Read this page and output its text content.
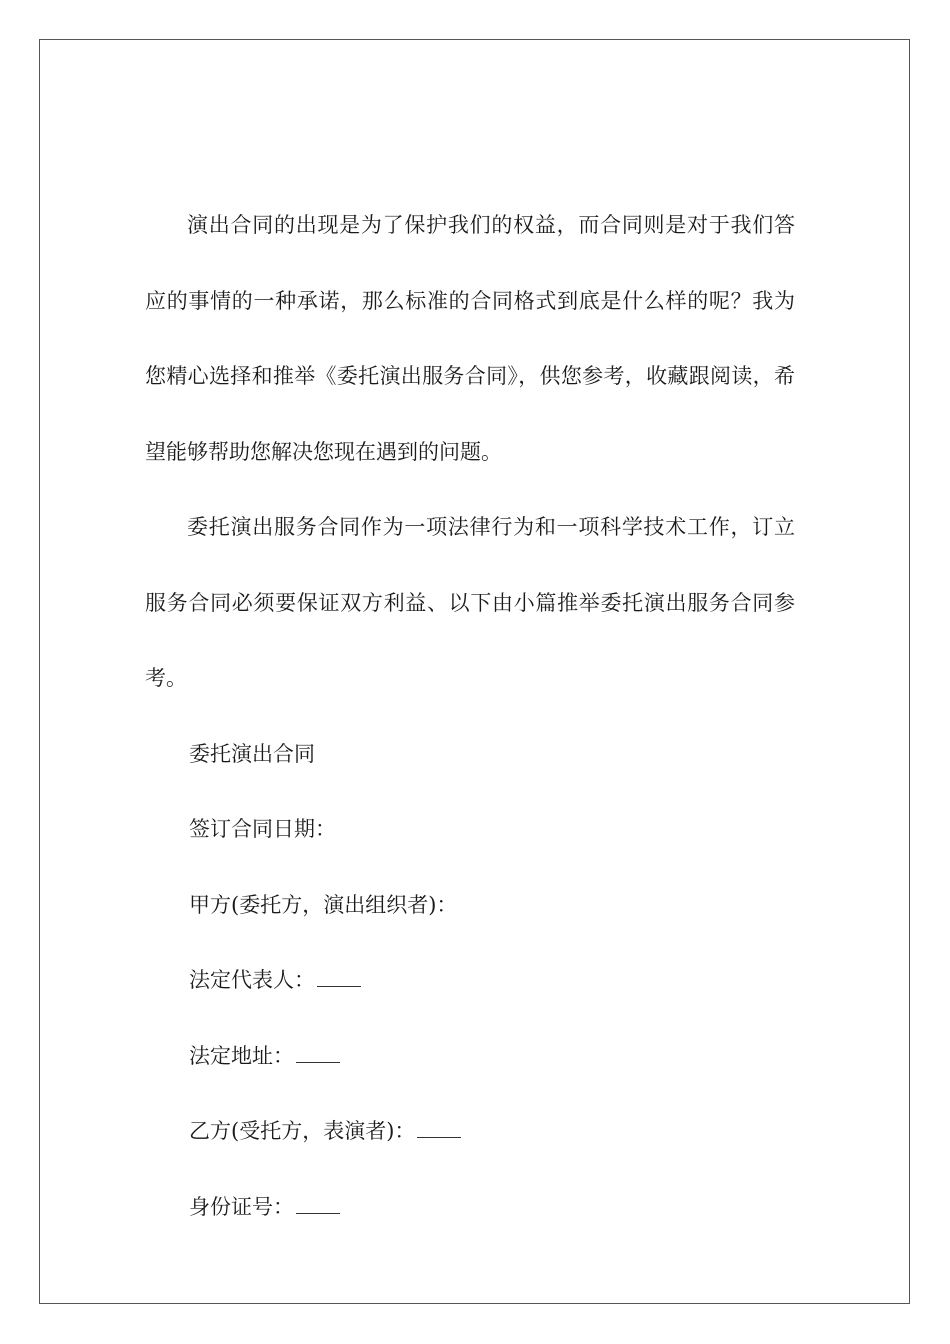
演出合同的出现是为了保护我们的权益，而合同则是对于我们答应的事情的一种承诺，那么标准的合同格式到底是什么样的呢？我为您精心选择和推举《委托演出服务合同》，供您参考，收藏跟阅读，希望能够帮助您解决您现在遇到的问题。

委托演出服务合同作为一项法律行为和一项科学技术工作，订立服务合同必须要保证双方利益、以下由小篇推举委托演出服务合同参考。

委托演出合同

签订合同日期：

甲方(委托方，演出组织者)：

法定代表人：

法定地址：

乙方(受托方，表演者)：

身份证号：
